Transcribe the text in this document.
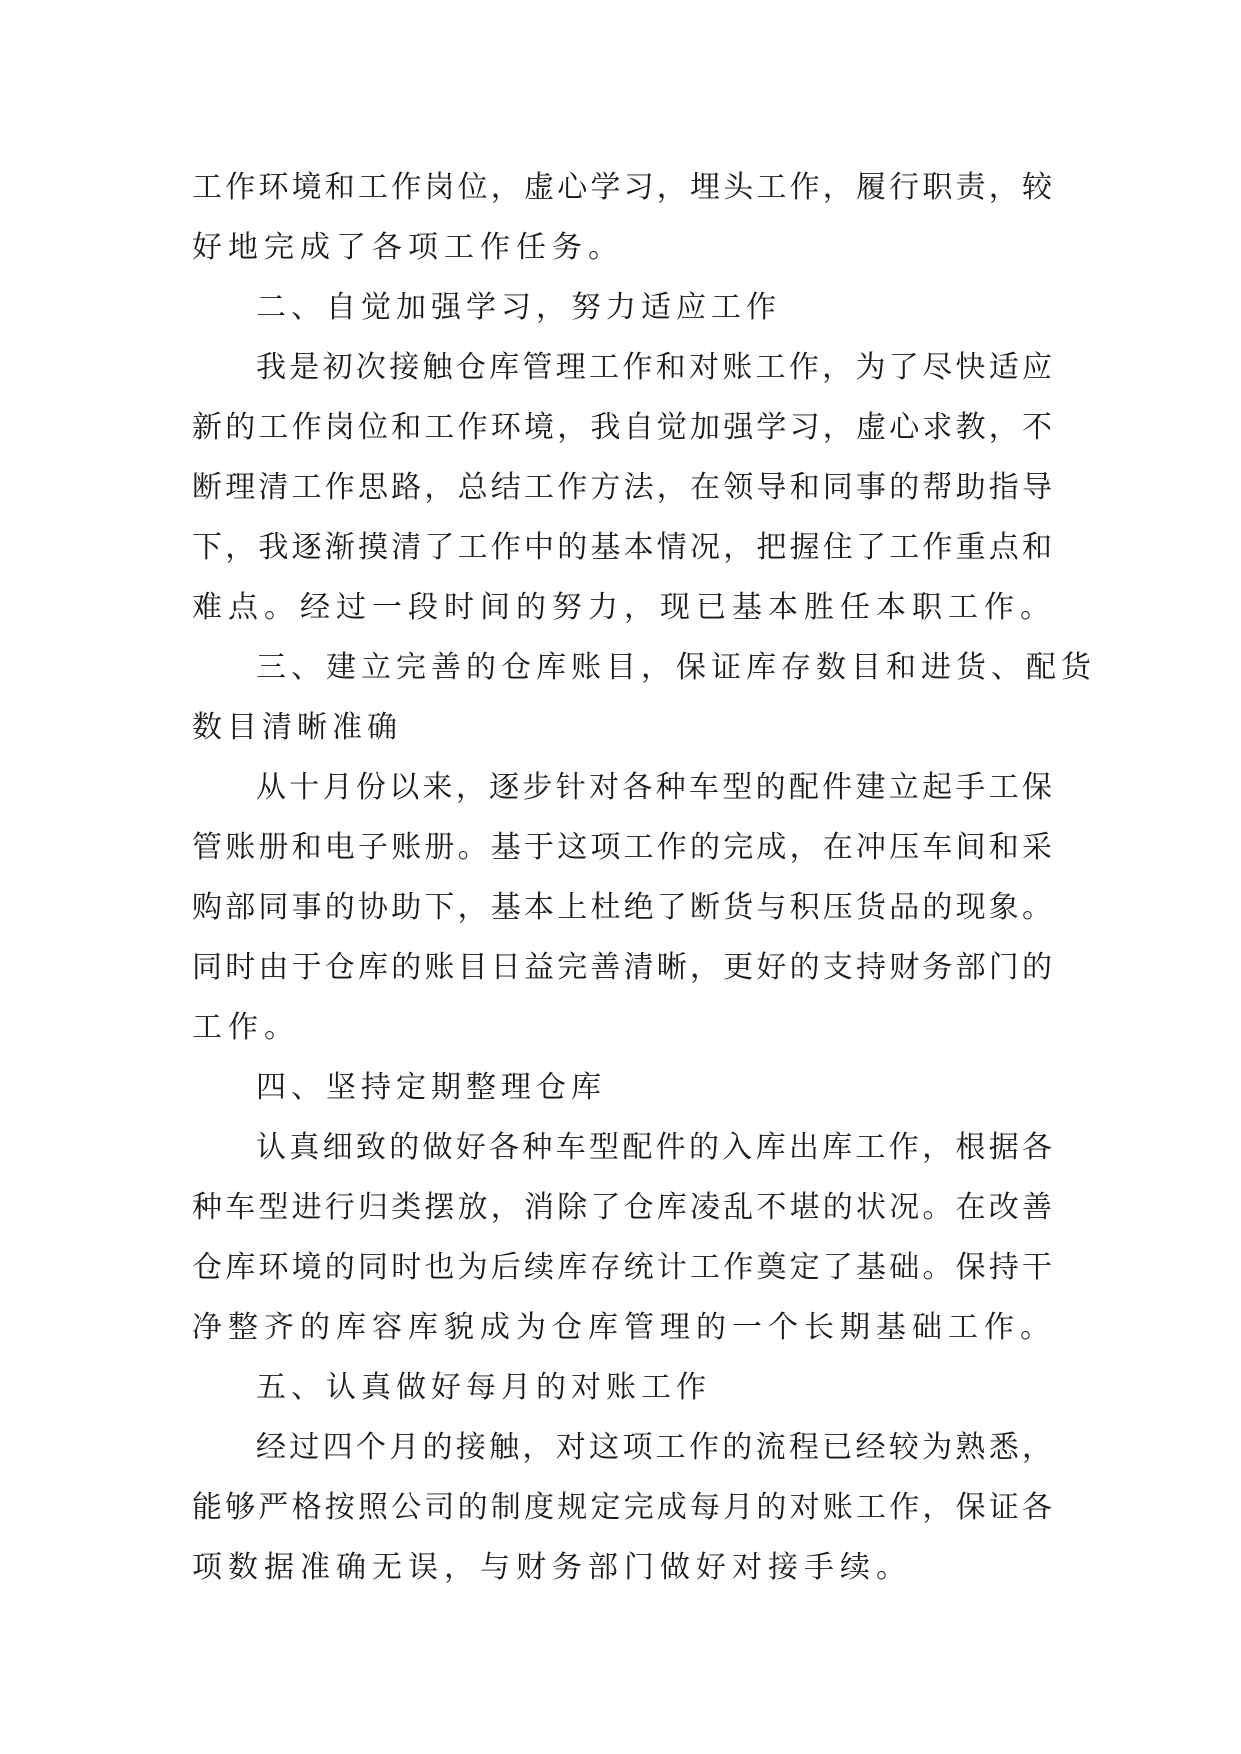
工作环境和工作岗位，虚心学习，埋头工作，履行职责，较
好地完成了各项工作任务。
二、自觉加强学习，努力适应工作
我是初次接触仓库管理工作和对账工作，为了尽快适应
新的工作岗位和工作环境，我自觉加强学习，虚心求教，不
断理清工作思路，总结工作方法，在领导和同事的帮助指导
下，我逐渐摸清了工作中的基本情况，把握住了工作重点和
难点。经过一段时间的努力，现已基本胜任本职工作。
三、建立完善的仓库账目，保证库存数目和进货、配货
数目清晰准确
从十月份以来，逐步针对各种车型的配件建立起手工保
管账册和电子账册。基于这项工作的完成，在冲压车间和采
购部同事的协助下，基本上杜绝了断货与积压货品的现象。
同时由于仓库的账目日益完善清晰，更好的支持财务部门的
工作。
四、坚持定期整理仓库
认真细致的做好各种车型配件的入库出库工作，根据各
种车型进行归类摆放，消除了仓库凌乱不堪的状况。在改善
仓库环境的同时也为后续库存统计工作奠定了基础。保持干
净整齐的库容库貌成为仓库管理的一个长期基础工作。
五、认真做好每月的对账工作
经过四个月的接触，对这项工作的流程已经较为熟悉，
能够严格按照公司的制度规定完成每月的对账工作，保证各
项数据准确无误，与财务部门做好对接手续。
